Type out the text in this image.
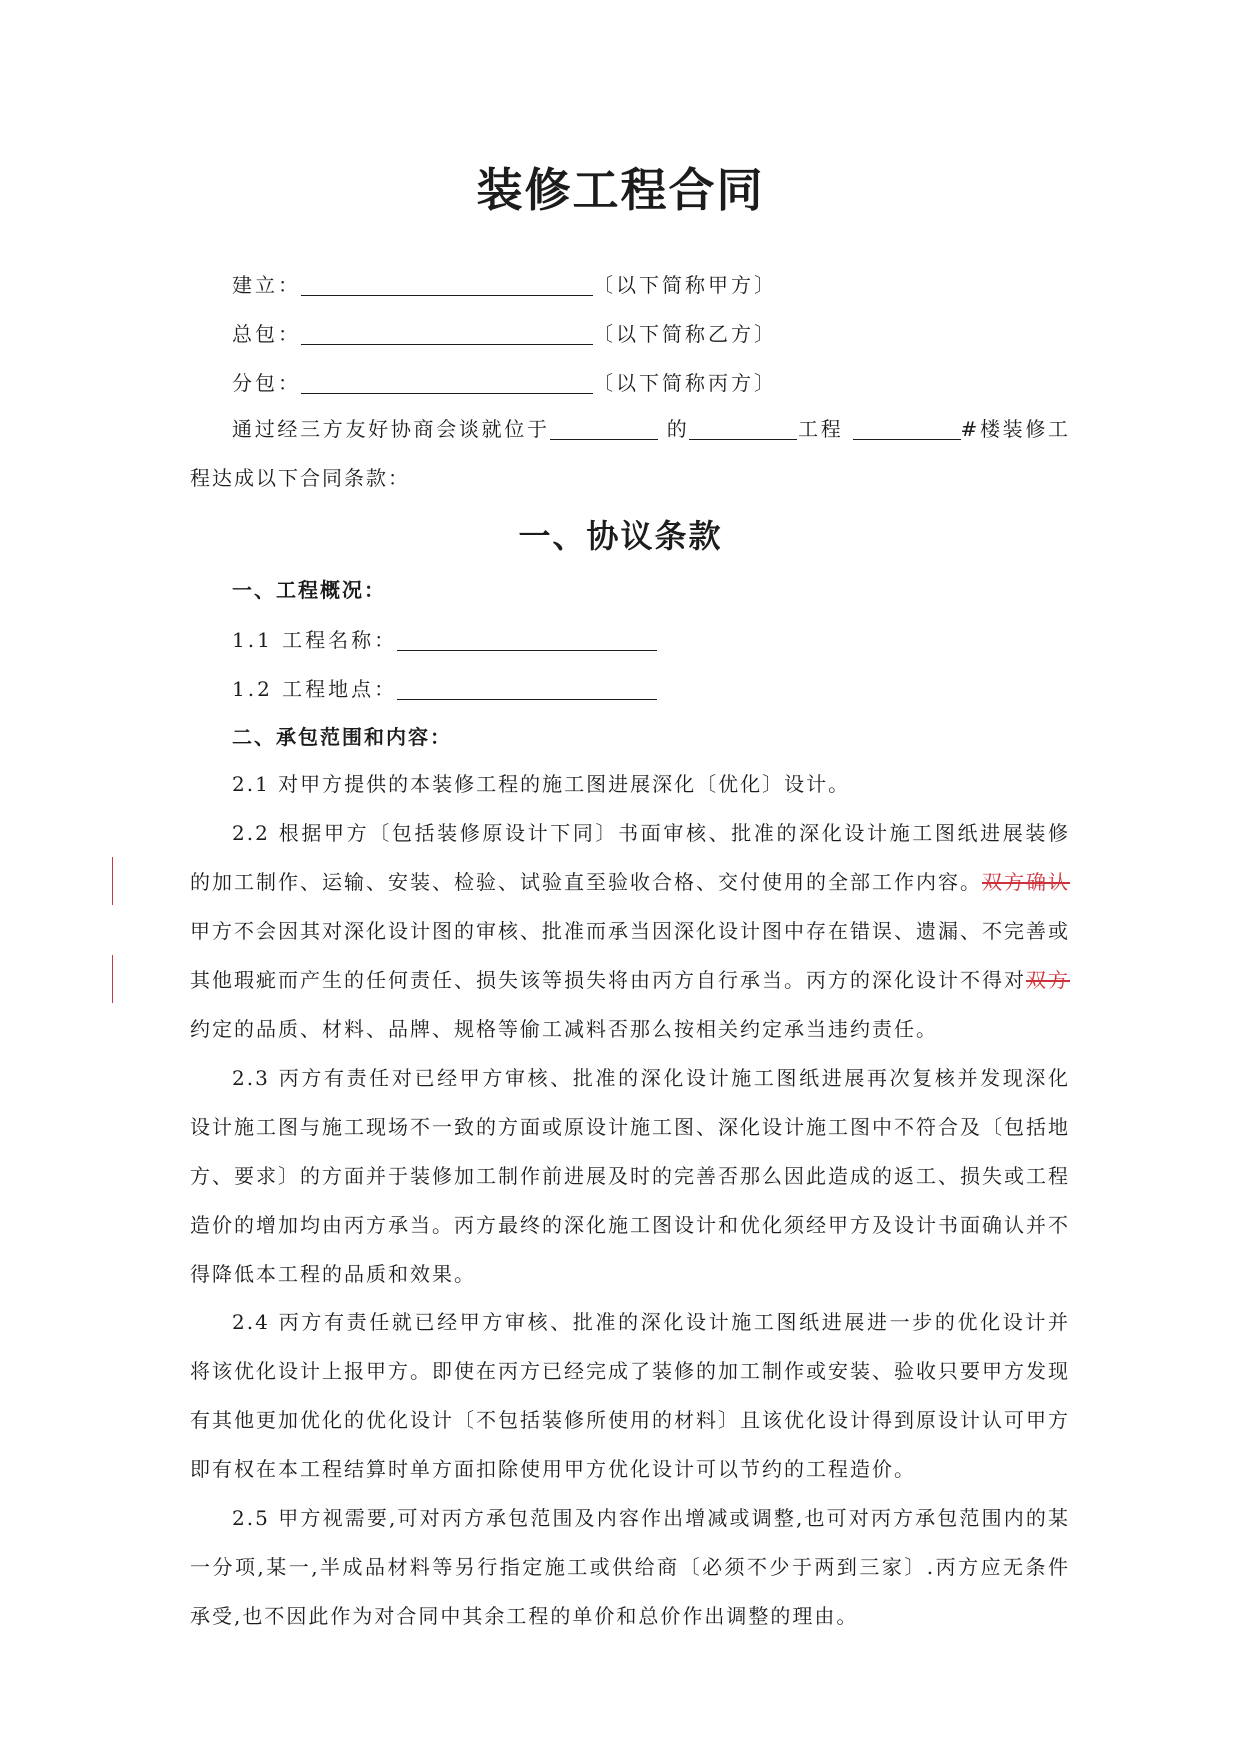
装修工程合同
建立：	〔以下简称甲方〕
总包：	〔以下简称乙方〕
分包：	〔以下简称丙方〕
通过经三方友好协商会谈就位于	的	工程	#楼装修工程达成以下合同条款：
一、协议条款
一、工程概况：
1.1 工程名称：
1.2 工程地点：
二、承包范围和内容：
2.1 对甲方提供的本装修工程的施工图进展深化〔优化〕设计。
2.2 根据甲方〔包括装修原设计下同〕书面审核、批准的深化设计施工图纸进展装修的加工制作、运输、安装、检验、试验直至验收合格、交付使用的全部工作内容。双方确认甲方不会因其对深化设计图的审核、批准而承当因深化设计图中存在错误、遗漏、不完善或其他瑕疵而产生的任何责任、损失该等损失将由丙方自行承当。丙方的深化设计不得对双方约定的品质、材料、品牌、规格等偷工减料否那么按相关约定承当违约责任。
2.3 丙方有责任对已经甲方审核、批准的深化设计施工图纸进展再次复核并发现深化设计施工图与施工现场不一致的方面或原设计施工图、深化设计施工图中不符合及〔包括地方、要求〕的方面并于装修加工制作前进展及时的完善否那么因此造成的返工、损失或工程造价的增加均由丙方承当。丙方最终的深化施工图设计和优化须经甲方及设计书面确认并不得降低本工程的品质和效果。
2.4 丙方有责任就已经甲方审核、批准的深化设计施工图纸进展进一步的优化设计并将该优化设计上报甲方。即使在丙方已经完成了装修的加工制作或安装、验收只要甲方发现有其他更加优化的优化设计〔不包括装修所使用的材料〕且该优化设计得到原设计认可甲方即有权在本工程结算时单方面扣除使用甲方优化设计可以节约的工程造价。
2.5 甲方视需要,可对丙方承包范围及内容作出增减或调整,也可对丙方承包范围内的某一分项,某一,半成品材料等另行指定施工或供给商〔必须不少于两到三家〕.丙方应无条件承受,也不因此作为对合同中其余工程的单价和总价作出调整的理由。
